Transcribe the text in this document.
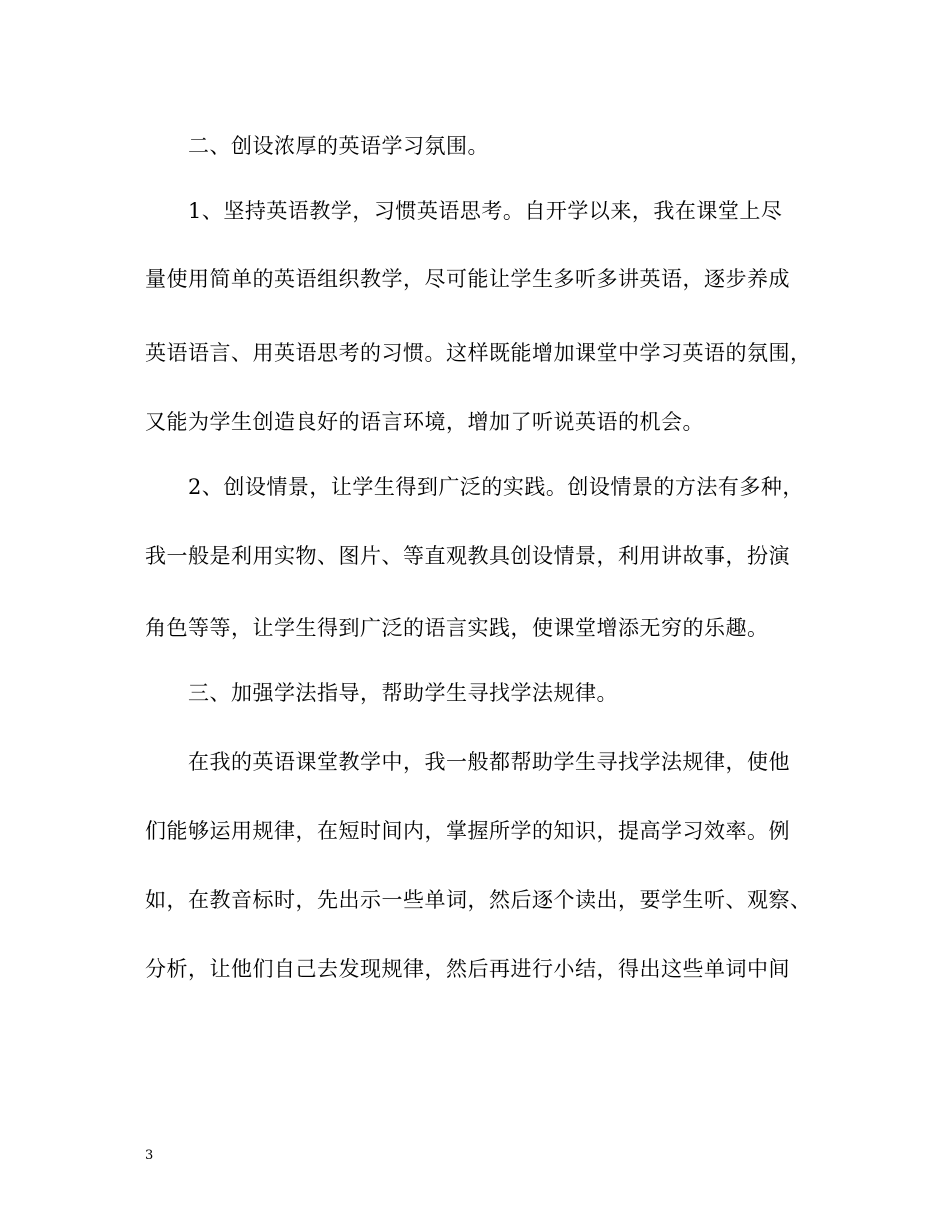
二、创设浓厚的英语学习氛围。
1、坚持英语教学，习惯英语思考。自开学以来，我在课堂上尽
量使用简单的英语组织教学，尽可能让学生多听多讲英语，逐步养成
英语语言、用英语思考的习惯。这样既能增加课堂中学习英语的氛围，
又能为学生创造良好的语言环境，增加了听说英语的机会。
2、创设情景，让学生得到广泛的实践。创设情景的方法有多种，
我一般是利用实物、图片、等直观教具创设情景，利用讲故事，扮演
角色等等，让学生得到广泛的语言实践，使课堂增添无穷的乐趣。
三、加强学法指导，帮助学生寻找学法规律。
在我的英语课堂教学中，我一般都帮助学生寻找学法规律，使他
们能够运用规律，在短时间内，掌握所学的知识，提高学习效率。例
如，在教音标时，先出示一些单词，然后逐个读出，要学生听、观察、
分析，让他们自己去发现规律，然后再进行小结，得出这些单词中间
3
